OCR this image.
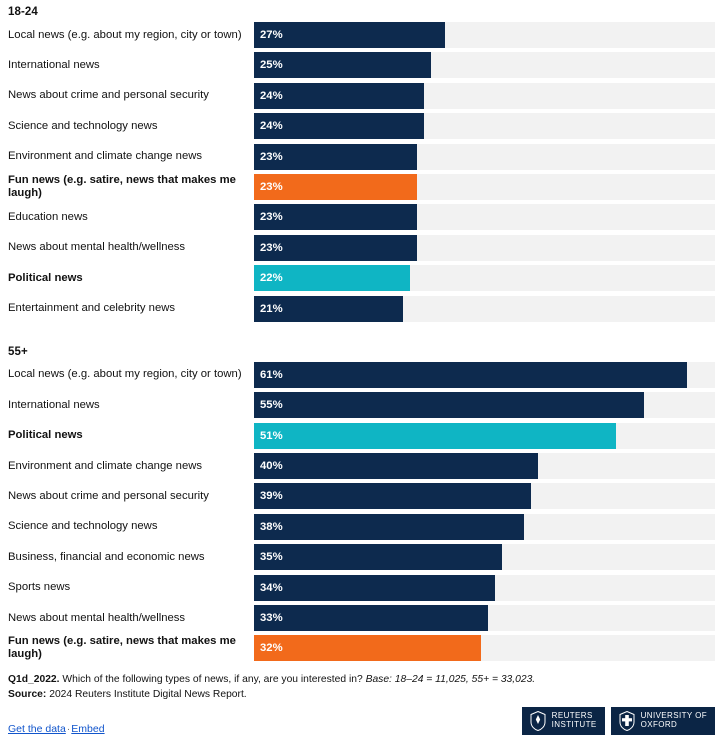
18-24
Local news (e.g. about my region, city or town)	27%
International news	25%
News about crime and personal security	24%
Science and technology news	24%
Environment and climate change news	23%
Fun news (e.g. satire, news that makes me laugh)	23%
Education news	23%
News about mental health/wellness	23%
Political news	22%
Entertainment and celebrity news	21%
55+
Local news (e.g. about my region, city or town)	61%
International news	55%
Political news	51%
Environment and climate change news	40%
News about crime and personal security	39%
Science and technology news	38%
Business, financial and economic news	35%
Sports news	34%
News about mental health/wellness	33%
Fun news (e.g. satire, news that makes me laugh)	32%
Q1d_2022. Which of the following types of news, if any, are you interested in? Base: 18–24 = 11,025, 55+ = 33,023.
Source: 2024 Reuters Institute Digital News Report.
Get the data·Embed
REUTERS
INSTITUTE
UNIVERSITY OF
OXFORD
